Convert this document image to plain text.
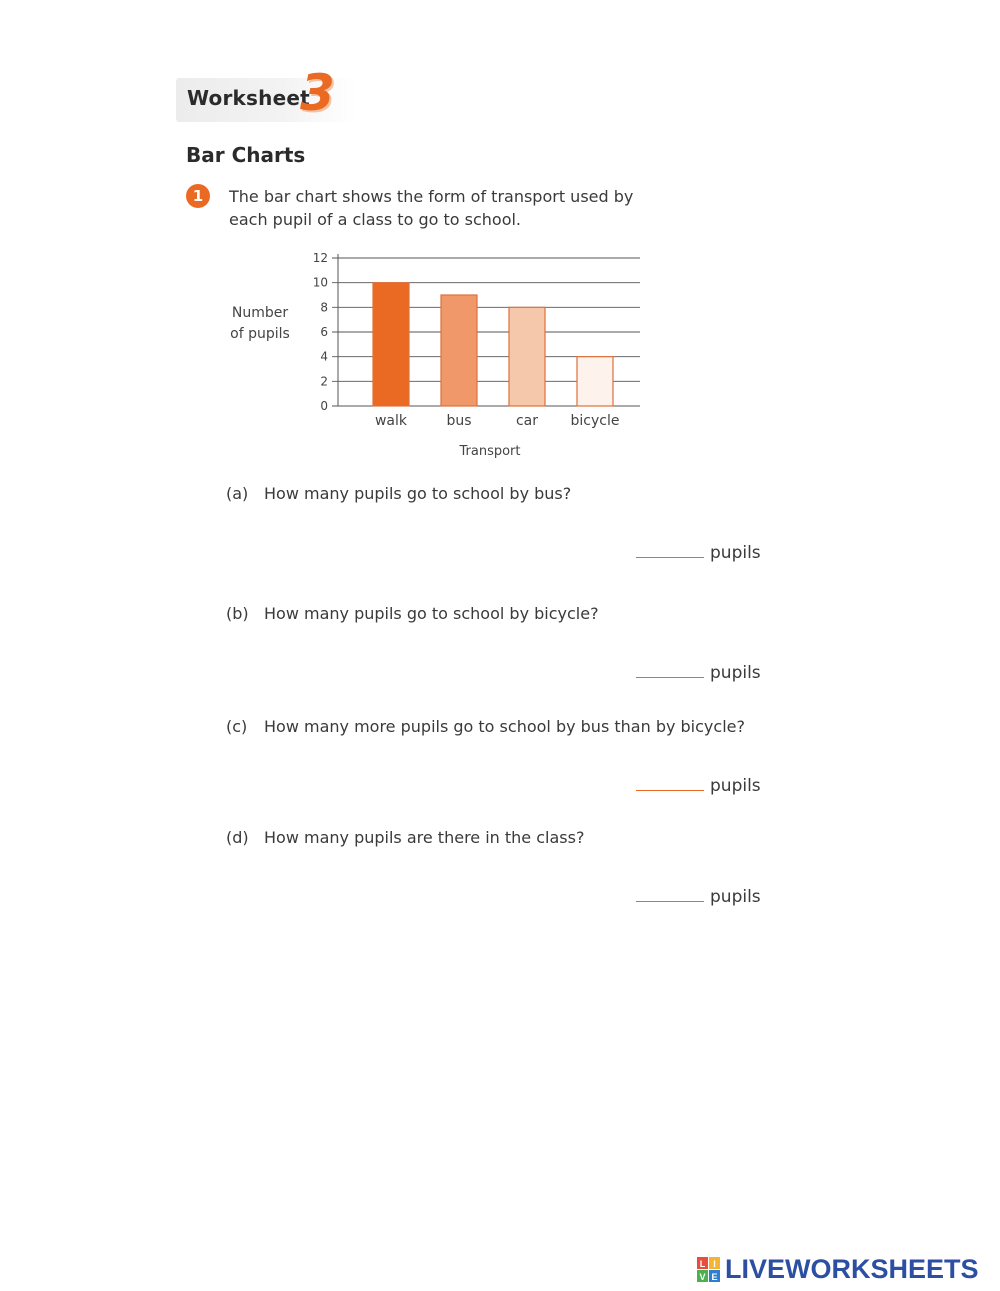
Worksheet
3
Bar Charts
1	The bar chart shows the form of transport used by each pupil of a class to go to school.
0
2
4
6
8
10
12
walk	bus	car bicycle
Transport
Number
of pupils
(a) How many pupils go to school by bus?
pupils
(b) How many pupils go to school by bicycle?
pupils
(c) How many more pupils go to school by bus than by bicycle?
pupils
(d) How many pupils are there in the class?
pupils
L I
V E LIVEWORKSHEETS
